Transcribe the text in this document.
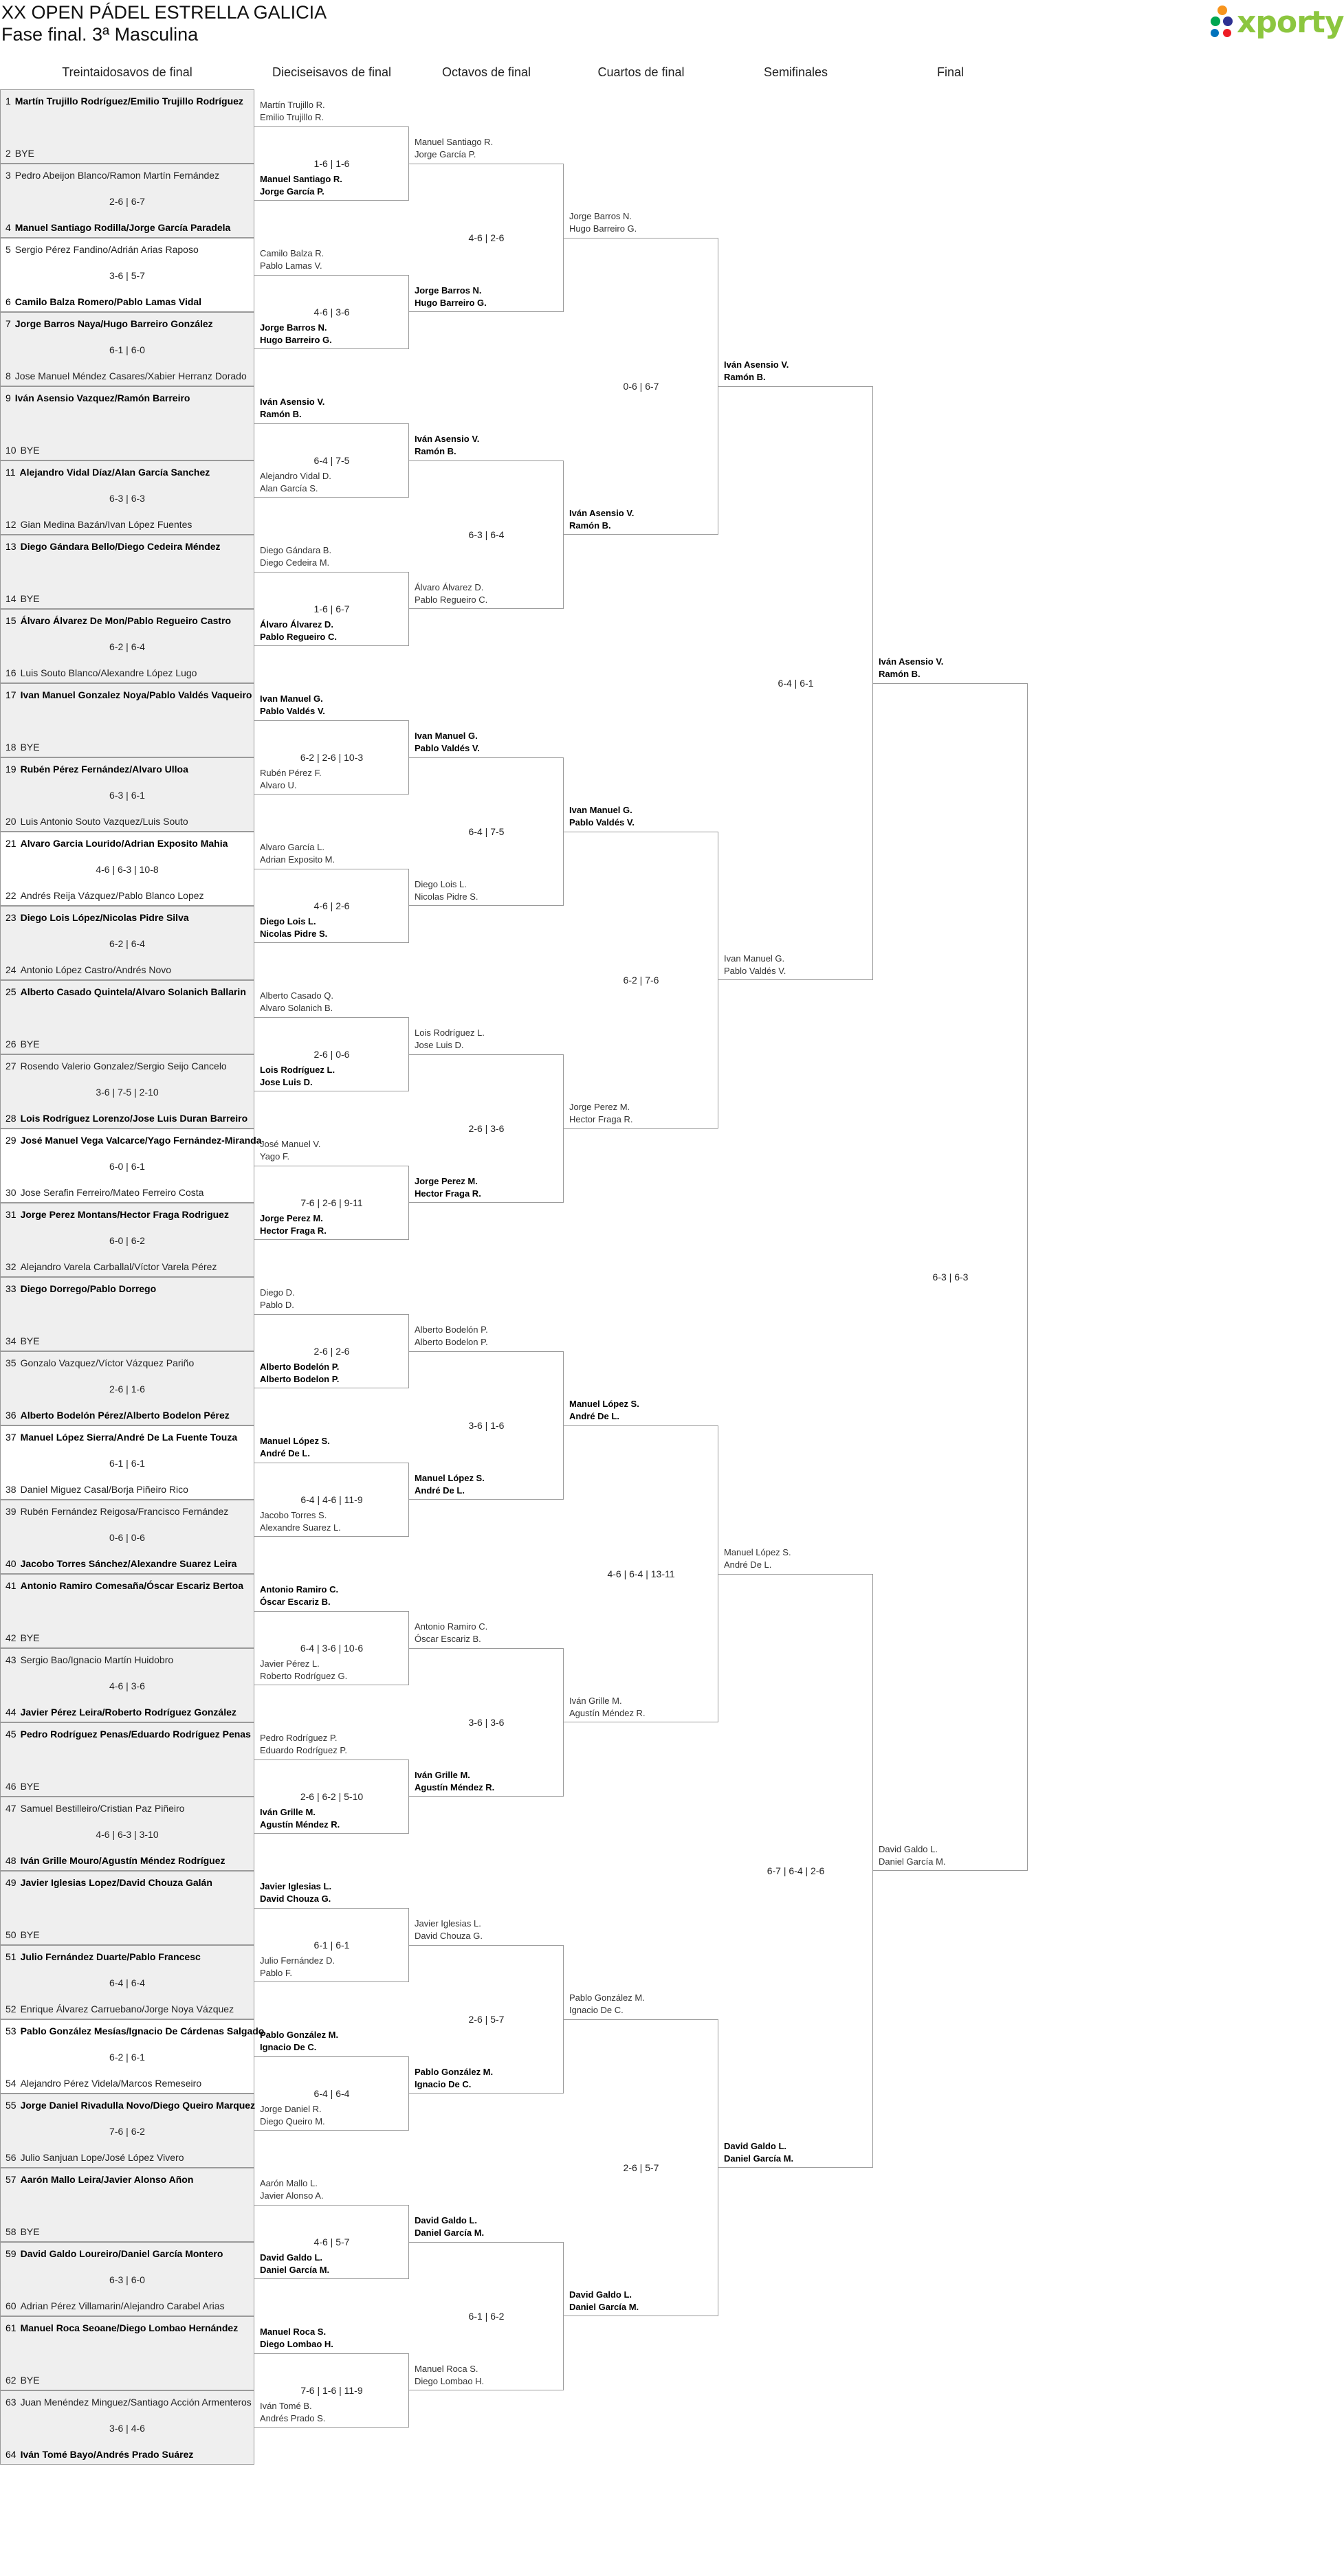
XX OPEN PÁDEL ESTRELLA GALICIA
Fase final. 3ª Masculina	xporty
Treintaidosavos de final	Dieciseisavos de final	Octavos de final	Cuartos de final	Semifinales	Final
1 Martín Trujillo Rodríguez/Emilio Trujillo Rodríguez
2 BYE
3 Pedro Abeijon Blanco/Ramon Martín Fernández
2-6 | 6-7
4 Manuel Santiago Rodilla/Jorge García Paradela
5 Sergio Pérez Fandino/Adrián Arias Raposo
3-6 | 5-7
6 Camilo Balza Romero/Pablo Lamas Vidal
7 Jorge Barros Naya/Hugo Barreiro González
6-1 | 6-0
8 Jose Manuel Méndez Casares/Xabier Herranz Dorado
9 Iván Asensio Vazquez/Ramón Barreiro
10 BYE
11 Alejandro Vidal Díaz/Alan García Sanchez
6-3 | 6-3
12 Gian Medina Bazán/Ivan López Fuentes
13 Diego Gándara Bello/Diego Cedeira Méndez
14 BYE
15 Álvaro Álvarez De Mon/Pablo Regueiro Castro
6-2 | 6-4
16 Luis Souto Blanco/Alexandre López Lugo
17 Ivan Manuel Gonzalez Noya/Pablo Valdés Vaqueiro
18 BYE
19 Rubén Pérez Fernández/Alvaro Ulloa
6-3 | 6-1
20 Luis Antonio Souto Vazquez/Luis Souto
21 Alvaro Garcia Lourido/Adrian Exposito Mahia
4-6 | 6-3 | 10-8
22 Andrés Reija Vázquez/Pablo Blanco Lopez
23 Diego Lois López/Nicolas Pidre Silva
6-2 | 6-4
24 Antonio López Castro/Andrés Novo
25 Alberto Casado Quintela/Alvaro Solanich Ballarin
26 BYE
27 Rosendo Valerio Gonzalez/Sergio Seijo Cancelo
3-6 | 7-5 | 2-10
28 Lois Rodríguez Lorenzo/Jose Luis Duran Barreiro
29 José Manuel Vega Valcarce/Yago Fernández-Miranda
6-0 | 6-1
30 Jose Serafin Ferreiro/Mateo Ferreiro Costa
31 Jorge Perez Montans/Hector Fraga Rodriguez
6-0 | 6-2
32 Alejandro Varela Carballal/Víctor Varela Pérez
33 Diego Dorrego/Pablo Dorrego
34 BYE
35 Gonzalo Vazquez/Víctor Vázquez Pariño
2-6 | 1-6
36 Alberto Bodelón Pérez/Alberto Bodelon Pérez
37 Manuel López Sierra/André De La Fuente Touza
6-1 | 6-1
38 Daniel Miguez Casal/Borja Piñeiro Rico
39 Rubén Fernández Reigosa/Francisco Fernández
0-6 | 0-6
40 Jacobo Torres Sánchez/Alexandre Suarez Leira
41 Antonio Ramiro Comesaña/Óscar Escariz Bertoa
42 BYE
43 Sergio Bao/Ignacio Martín Huidobro
4-6 | 3-6
44 Javier Pérez Leira/Roberto Rodríguez González
45 Pedro Rodríguez Penas/Eduardo Rodríguez Penas
46 BYE
47 Samuel Bestilleiro/Cristian Paz Piñeiro
4-6 | 6-3 | 3-10
48 Iván Grille Mouro/Agustín Méndez Rodríguez
49 Javier Iglesias Lopez/David Chouza Galán
50 BYE
51 Julio Fernández Duarte/Pablo Francesc
6-4 | 6-4
52 Enrique Álvarez Carruebano/Jorge Noya Vázquez
53 Pablo González Mesías/Ignacio De Cárdenas Salgado
6-2 | 6-1
54 Alejandro Pérez Videla/Marcos Remeseiro
55 Jorge Daniel Rivadulla Novo/Diego Queiro Marquez
7-6 | 6-2
56 Julio Sanjuan Lope/José López Vivero
57 Aarón Mallo Leira/Javier Alonso Añon
58 BYE
59 David Galdo Loureiro/Daniel García Montero
6-3 | 6-0
60 Adrian Pérez Villamarin/Alejandro Carabel Arias
61 Manuel Roca Seoane/Diego Lombao Hernández
62 BYE
63 Juan Menéndez Minguez/Santiago Acción Armenteros
3-6 | 4-6
64 Iván Tomé Bayo/Andrés Prado Suárez
Martín Trujillo R.
Emilio Trujillo R.
Manuel Santiago R.
Jorge García P.
1-6 | 1-6
Camilo Balza R.
Pablo Lamas V.
Jorge Barros N.
Hugo Barreiro G.
4-6 | 3-6
Iván Asensio V.
Ramón B.
Alejandro Vidal D.
Alan García S.
6-4 | 7-5
Diego Gándara B.
Diego Cedeira M.
Álvaro Álvarez D.
Pablo Regueiro C.
1-6 | 6-7
Ivan Manuel G.
Pablo Valdés V.
Rubén Pérez F.
Alvaro U.
6-2 | 2-6 | 10-3
Alvaro García L.
Adrian Exposito M.
Diego Lois L.
Nicolas Pidre S.
4-6 | 2-6
Alberto Casado Q.
Alvaro Solanich B.
Lois Rodríguez L.
Jose Luis D.
2-6 | 0-6
José Manuel V.
Yago F.
Jorge Perez M.
Hector Fraga R.
7-6 | 2-6 | 9-11
Diego D.
Pablo D.
Alberto Bodelón P.
Alberto Bodelon P.
2-6 | 2-6
Manuel López S.
André De L.
Jacobo Torres S.
Alexandre Suarez L.
6-4 | 4-6 | 11-9
Antonio Ramiro C.
Óscar Escariz B.
Javier Pérez L.
Roberto Rodríguez G.
6-4 | 3-6 | 10-6
Pedro Rodríguez P.
Eduardo Rodríguez P.
Iván Grille M.
Agustín Méndez R.
2-6 | 6-2 | 5-10
Javier Iglesias L.
David Chouza G.
Julio Fernández D.
Pablo F.
6-1 | 6-1
Pablo González M.
Ignacio De C.
Jorge Daniel R.
Diego Queiro M.
6-4 | 6-4
Aarón Mallo L.
Javier Alonso A.
David Galdo L.
Daniel García M.
4-6 | 5-7
Manuel Roca S.
Diego Lombao H.
Iván Tomé B.
Andrés Prado S.
7-6 | 1-6 | 11-9
Manuel Santiago R.
Jorge García P.
Jorge Barros N.
Hugo Barreiro G.
4-6 | 2-6
Iván Asensio V.
Ramón B.
Álvaro Álvarez D.
Pablo Regueiro C.
6-3 | 6-4
Ivan Manuel G.
Pablo Valdés V.
Diego Lois L.
Nicolas Pidre S.
6-4 | 7-5
Lois Rodríguez L.
Jose Luis D.
Jorge Perez M.
Hector Fraga R.
2-6 | 3-6
Alberto Bodelón P.
Alberto Bodelon P.
Manuel López S.
André De L.
3-6 | 1-6
Antonio Ramiro C.
Óscar Escariz B.
Iván Grille M.
Agustín Méndez R.
3-6 | 3-6
Javier Iglesias L.
David Chouza G.
Pablo González M.
Ignacio De C.
2-6 | 5-7
David Galdo L.
Daniel García M.
Manuel Roca S.
Diego Lombao H.
6-1 | 6-2
Jorge Barros N.
Hugo Barreiro G.
Iván Asensio V.
Ramón B.
0-6 | 6-7
Ivan Manuel G.
Pablo Valdés V.
Jorge Perez M.
Hector Fraga R.
6-2 | 7-6
Manuel López S.
André De L.
Iván Grille M.
Agustín Méndez R.
4-6 | 6-4 | 13-11
Pablo González M.
Ignacio De C.
David Galdo L.
Daniel García M.
2-6 | 5-7
Iván Asensio V.
Ramón B.
Ivan Manuel G.
Pablo Valdés V.
6-4 | 6-1
Manuel López S.
André De L.
David Galdo L.
Daniel García M.
6-7 | 6-4 | 2-6
Iván Asensio V.
Ramón B.
David Galdo L.
Daniel García M.
6-3 | 6-3
